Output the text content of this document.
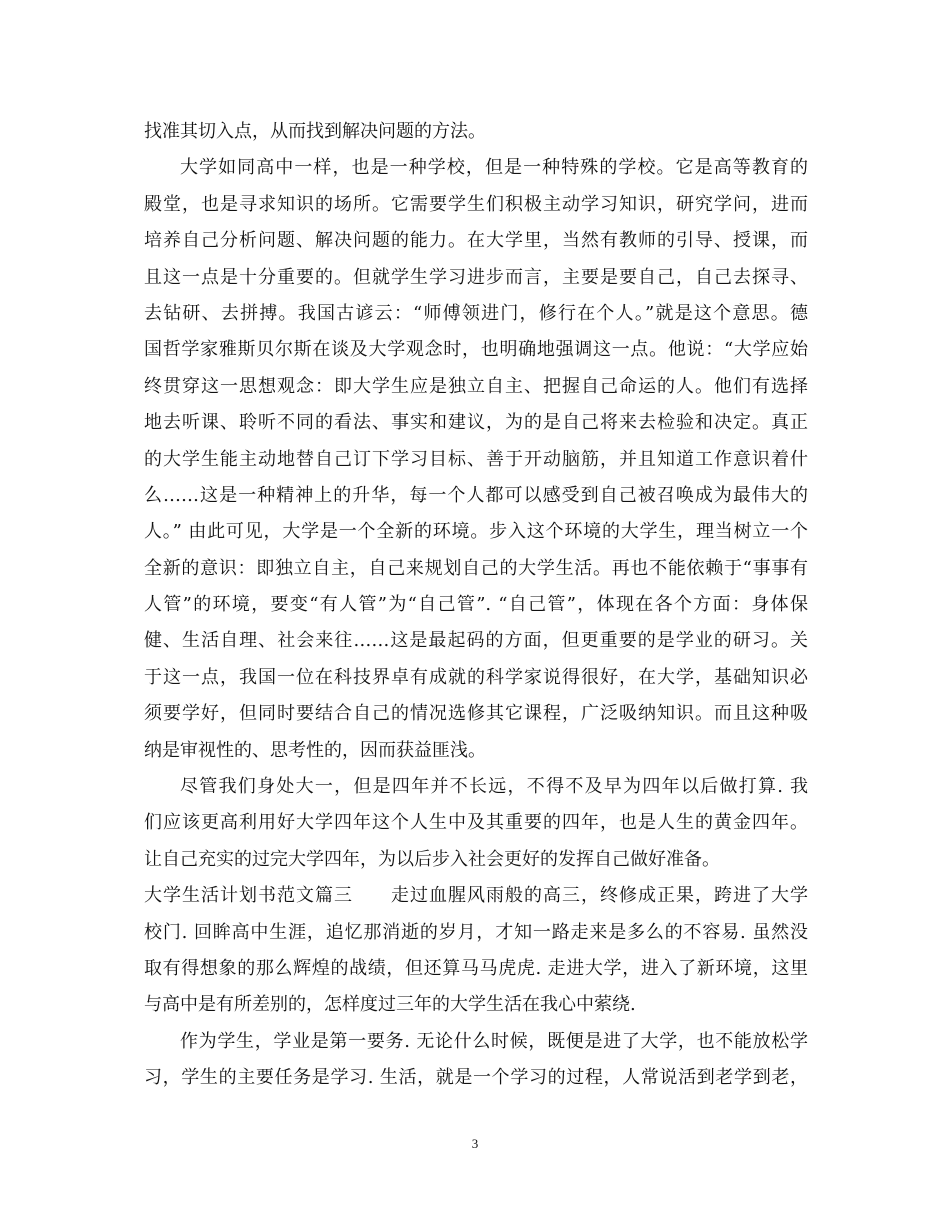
找准其切入点，从而找到解决问题的方法。
大学如同高中一样，也是一种学校，但是一种特殊的学校。它是高等教育的
殿堂，也是寻求知识的场所。它需要学生们积极主动学习知识，研究学问，进而
培养自己分析问题、解决问题的能力。在大学里，当然有教师的引导、授课，而
且这一点是十分重要的。但就学生学习进步而言，主要是要自己，自己去探寻、
去钻研、去拼搏。我国古谚云：“师傅领进门，修行在个人。”就是这个意思。德
国哲学家雅斯贝尔斯在谈及大学观念时，也明确地强调这一点。他说：“大学应始
终贯穿这一思想观念：即大学生应是独立自主、把握自己命运的人。他们有选择
地去听课、聆听不同的看法、事实和建议，为的是自己将来去检验和决定。真正
的大学生能主动地替自己订下学习目标、善于开动脑筋，并且知道工作意识着什
么……这是一种精神上的升华，每一个人都可以感受到自己被召唤成为最伟大的
人。” 由此可见，大学是一个全新的环境。步入这个环境的大学生，理当树立一个
全新的意识：即独立自主，自己来规划自己的大学生活。再也不能依赖于“事事有
人管”的环境，要变“有人管”为“自己管”. “自己管”，体现在各个方面：身体保
健、生活自理、社会来往……这是最起码的方面，但更重要的是学业的研习。关
于这一点，我国一位在科技界卓有成就的科学家说得很好，在大学，基础知识必
须要学好，但同时要结合自己的情况选修其它课程，广泛吸纳知识。而且这种吸
纳是审视性的、思考性的，因而获益匪浅。
尽管我们身处大一，但是四年并不长远，不得不及早为四年以后做打算. 我
们应该更高利用好大学四年这个人生中及其重要的四年，也是人生的黄金四年。
让自己充实的过完大学四年，为以后步入社会更好的发挥自己做好准备。
大学生活计划书范文篇三　　走过血腥风雨般的高三，终修成正果，跨进了大学
校门. 回眸高中生涯，追忆那消逝的岁月，才知一路走来是多么的不容易. 虽然没
取有得想象的那么辉煌的战绩，但还算马马虎虎. 走进大学，进入了新环境，这里
与高中是有所差别的，怎样度过三年的大学生活在我心中萦绕.
作为学生，学业是第一要务. 无论什么时候，既便是进了大学，也不能放松学
习，学生的主要任务是学习. 生活，就是一个学习的过程，人常说活到老学到老，
3
